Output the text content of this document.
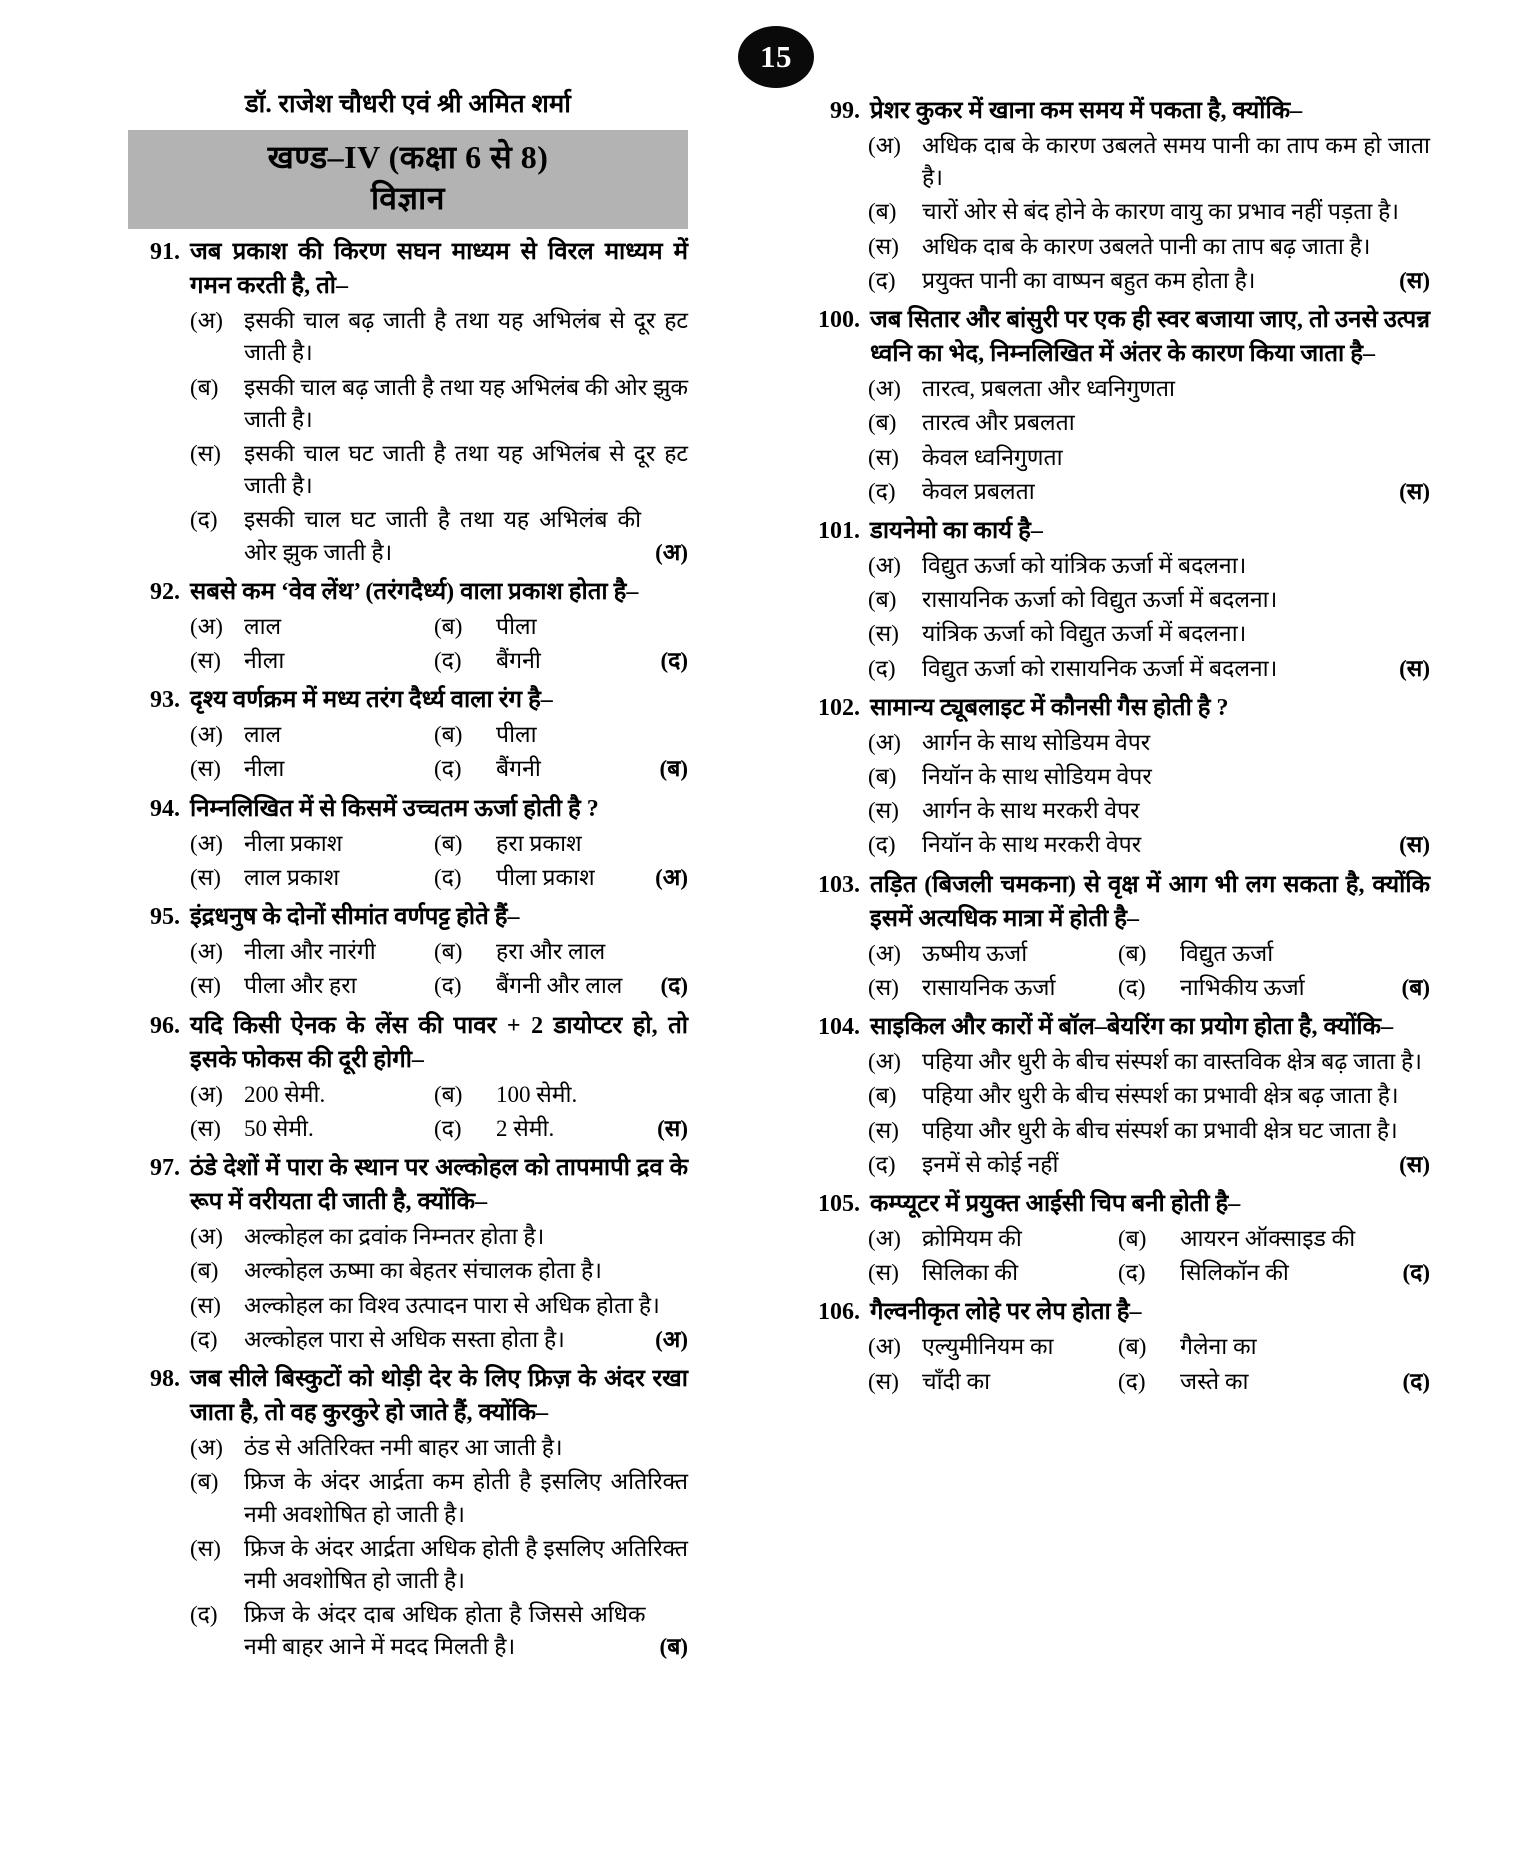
15
डॉ. राजेश चौधरी एवं श्री अमित शर्मा
खण्ड–IV (कक्षा 6 से 8)
विज्ञान
91. जब प्रकाश की किरण सघन माध्यम से विरल माध्यम में गमन करती है, तो–
(अ) इसकी चाल बढ़ जाती है तथा यह अभिलंब से दूर हट जाती है।
(ब)	इसकी चाल बढ़ जाती है तथा यह अभिलंब की ओर झुक जाती है।
(स)	इसकी चाल घट जाती है तथा यह अभिलंब से दूर हट जाती है।
(द)	इसकी चाल घट जाती है तथा यह अभिलंब की ओर झुक जाती है।	(अ)
92. सबसे कम ‘वेव लेंथ’ (तरंगदैर्ध्य) वाला प्रकाश होता है–
(अ) लाल	(ब)	पीला
(स)	नीला	(द)	बैंगनी	(द)
93. दृश्य वर्णक्रम में मध्य तरंग दैर्ध्य वाला रंग है–
(अ) लाल	(ब)	पीला
(स)	नीला	(द)	बैंगनी	(ब)
94. निम्नलिखित में से किसमें उच्चतम ऊर्जा होती है ?
(अ) नीला प्रकाश	(ब)	हरा प्रकाश
(स)	लाल प्रकाश	(द)	पीला प्रकाश	(अ)
95. इंद्रधनुष के दोनों सीमांत वर्णपट्ट होते हैं–
(अ) नीला और नारंगी	(ब)	हरा और लाल
(स)	पीला और हरा	(द)	बैंगनी और लाल	(द)
96. यदि किसी ऐनक के लेंस की पावर + 2 डायोप्टर हो, तो इसके फोकस की दूरी होगी–
(अ) 200 सेमी.	(ब)	100 सेमी.
(स)	50 सेमी.	(द)	2 सेमी.	(स)
97. ठंडे देशों में पारा के स्थान पर अल्कोहल को तापमापी द्रव के रूप में वरीयता दी जाती है, क्योंकि–
(अ) अल्कोहल का द्रवांक निम्नतर होता है।
(ब)	अल्कोहल ऊष्मा का बेहतर संचालक होता है।
(स)	अल्कोहल का विश्व उत्पादन पारा से अधिक होता है।
(द)	अल्कोहल पारा से अधिक सस्ता होता है।	(अ)
98. जब सीले बिस्कुटों को थोड़ी देर के लिए फ्रिज़ के अंदर रखा जाता है, तो वह कुरकुरे हो जाते हैं, क्योंकि–
(अ) ठंड से अतिरिक्त नमी बाहर आ जाती है।
(ब)	फ्रिज के अंदर आर्द्रता कम होती है इसलिए अतिरिक्त नमी अवशोषित हो जाती है।
(स)	फ्रिज के अंदर आर्द्रता अधिक होती है इसलिए अतिरिक्त नमी अवशोषित हो जाती है।
(द)	फ्रिज के अंदर दाब अधिक होता है जिससे अधिक नमी बाहर आने में मदद मिलती है।	(ब)
99. प्रेशर कुकर में खाना कम समय में पकता है, क्योंकि–
(अ) अधिक दाब के कारण उबलते समय पानी का ताप कम हो जाता है।
(ब)	चारों ओर से बंद होने के कारण वायु का प्रभाव नहीं पड़ता है।
(स)	अधिक दाब के कारण उबलते पानी का ताप बढ़ जाता है।
(द)	प्रयुक्त पानी का वाष्पन बहुत कम होता है।	(स)
100. जब सितार और बांसुरी पर एक ही स्वर बजाया जाए, तो उनसे उत्पन्न ध्वनि का भेद, निम्नलिखित में अंतर के कारण किया जाता है–
(अ) तारत्व, प्रबलता और ध्वनिगुणता
(ब)	तारत्व और प्रबलता
(स)	केवल ध्वनिगुणता
(द)	केवल प्रबलता	(स)
101. डायनेमो का कार्य है–
(अ) विद्युत ऊर्जा को यांत्रिक ऊर्जा में बदलना।
(ब)	रासायनिक ऊर्जा को विद्युत ऊर्जा में बदलना।
(स)	यांत्रिक ऊर्जा को विद्युत ऊर्जा में बदलना।
(द)	विद्युत ऊर्जा को रासायनिक ऊर्जा में बदलना।	(स)
102. सामान्य ट्यूबलाइट में कौनसी गैस होती है ?
(अ) आर्गन के साथ सोडियम वेपर
(ब)	नियॉन के साथ सोडियम वेपर
(स)	आर्गन के साथ मरकरी वेपर
(द)	नियॉन के साथ मरकरी वेपर	(स)
103. तड़ित (बिजली चमकना) से वृक्ष में आग भी लग सकता है, क्योंकि इसमें अत्यधिक मात्रा में होती है–
(अ) ऊष्मीय ऊर्जा	(ब)	विद्युत ऊर्जा
(स)	रासायनिक ऊर्जा	(द)	नाभिकीय ऊर्जा	(ब)
104. साइकिल और कारों में बॉल–बेयरिंग का प्रयोग होता है, क्योंकि–
(अ) पहिया और धुरी के बीच संस्पर्श का वास्तविक क्षेत्र बढ़ जाता है।
(ब)	पहिया और धुरी के बीच संस्पर्श का प्रभावी क्षेत्र बढ़ जाता है।
(स)	पहिया और धुरी के बीच संस्पर्श का प्रभावी क्षेत्र घट जाता है।
(द)	इनमें से कोई नहीं	(स)
105. कम्प्यूटर में प्रयुक्त आईसी चिप बनी होती है–
(अ) क्रोमियम की	(ब)	आयरन ऑक्साइड की
(स)	सिलिका की	(द)	सिलिकॉन की	(द)
106. गैल्वनीकृत लोहे पर लेप होता है–
(अ) एल्युमीनियम का	(ब)	गैलेना का
(स)	चाँदी का	(द)	जस्ते का	(द)
